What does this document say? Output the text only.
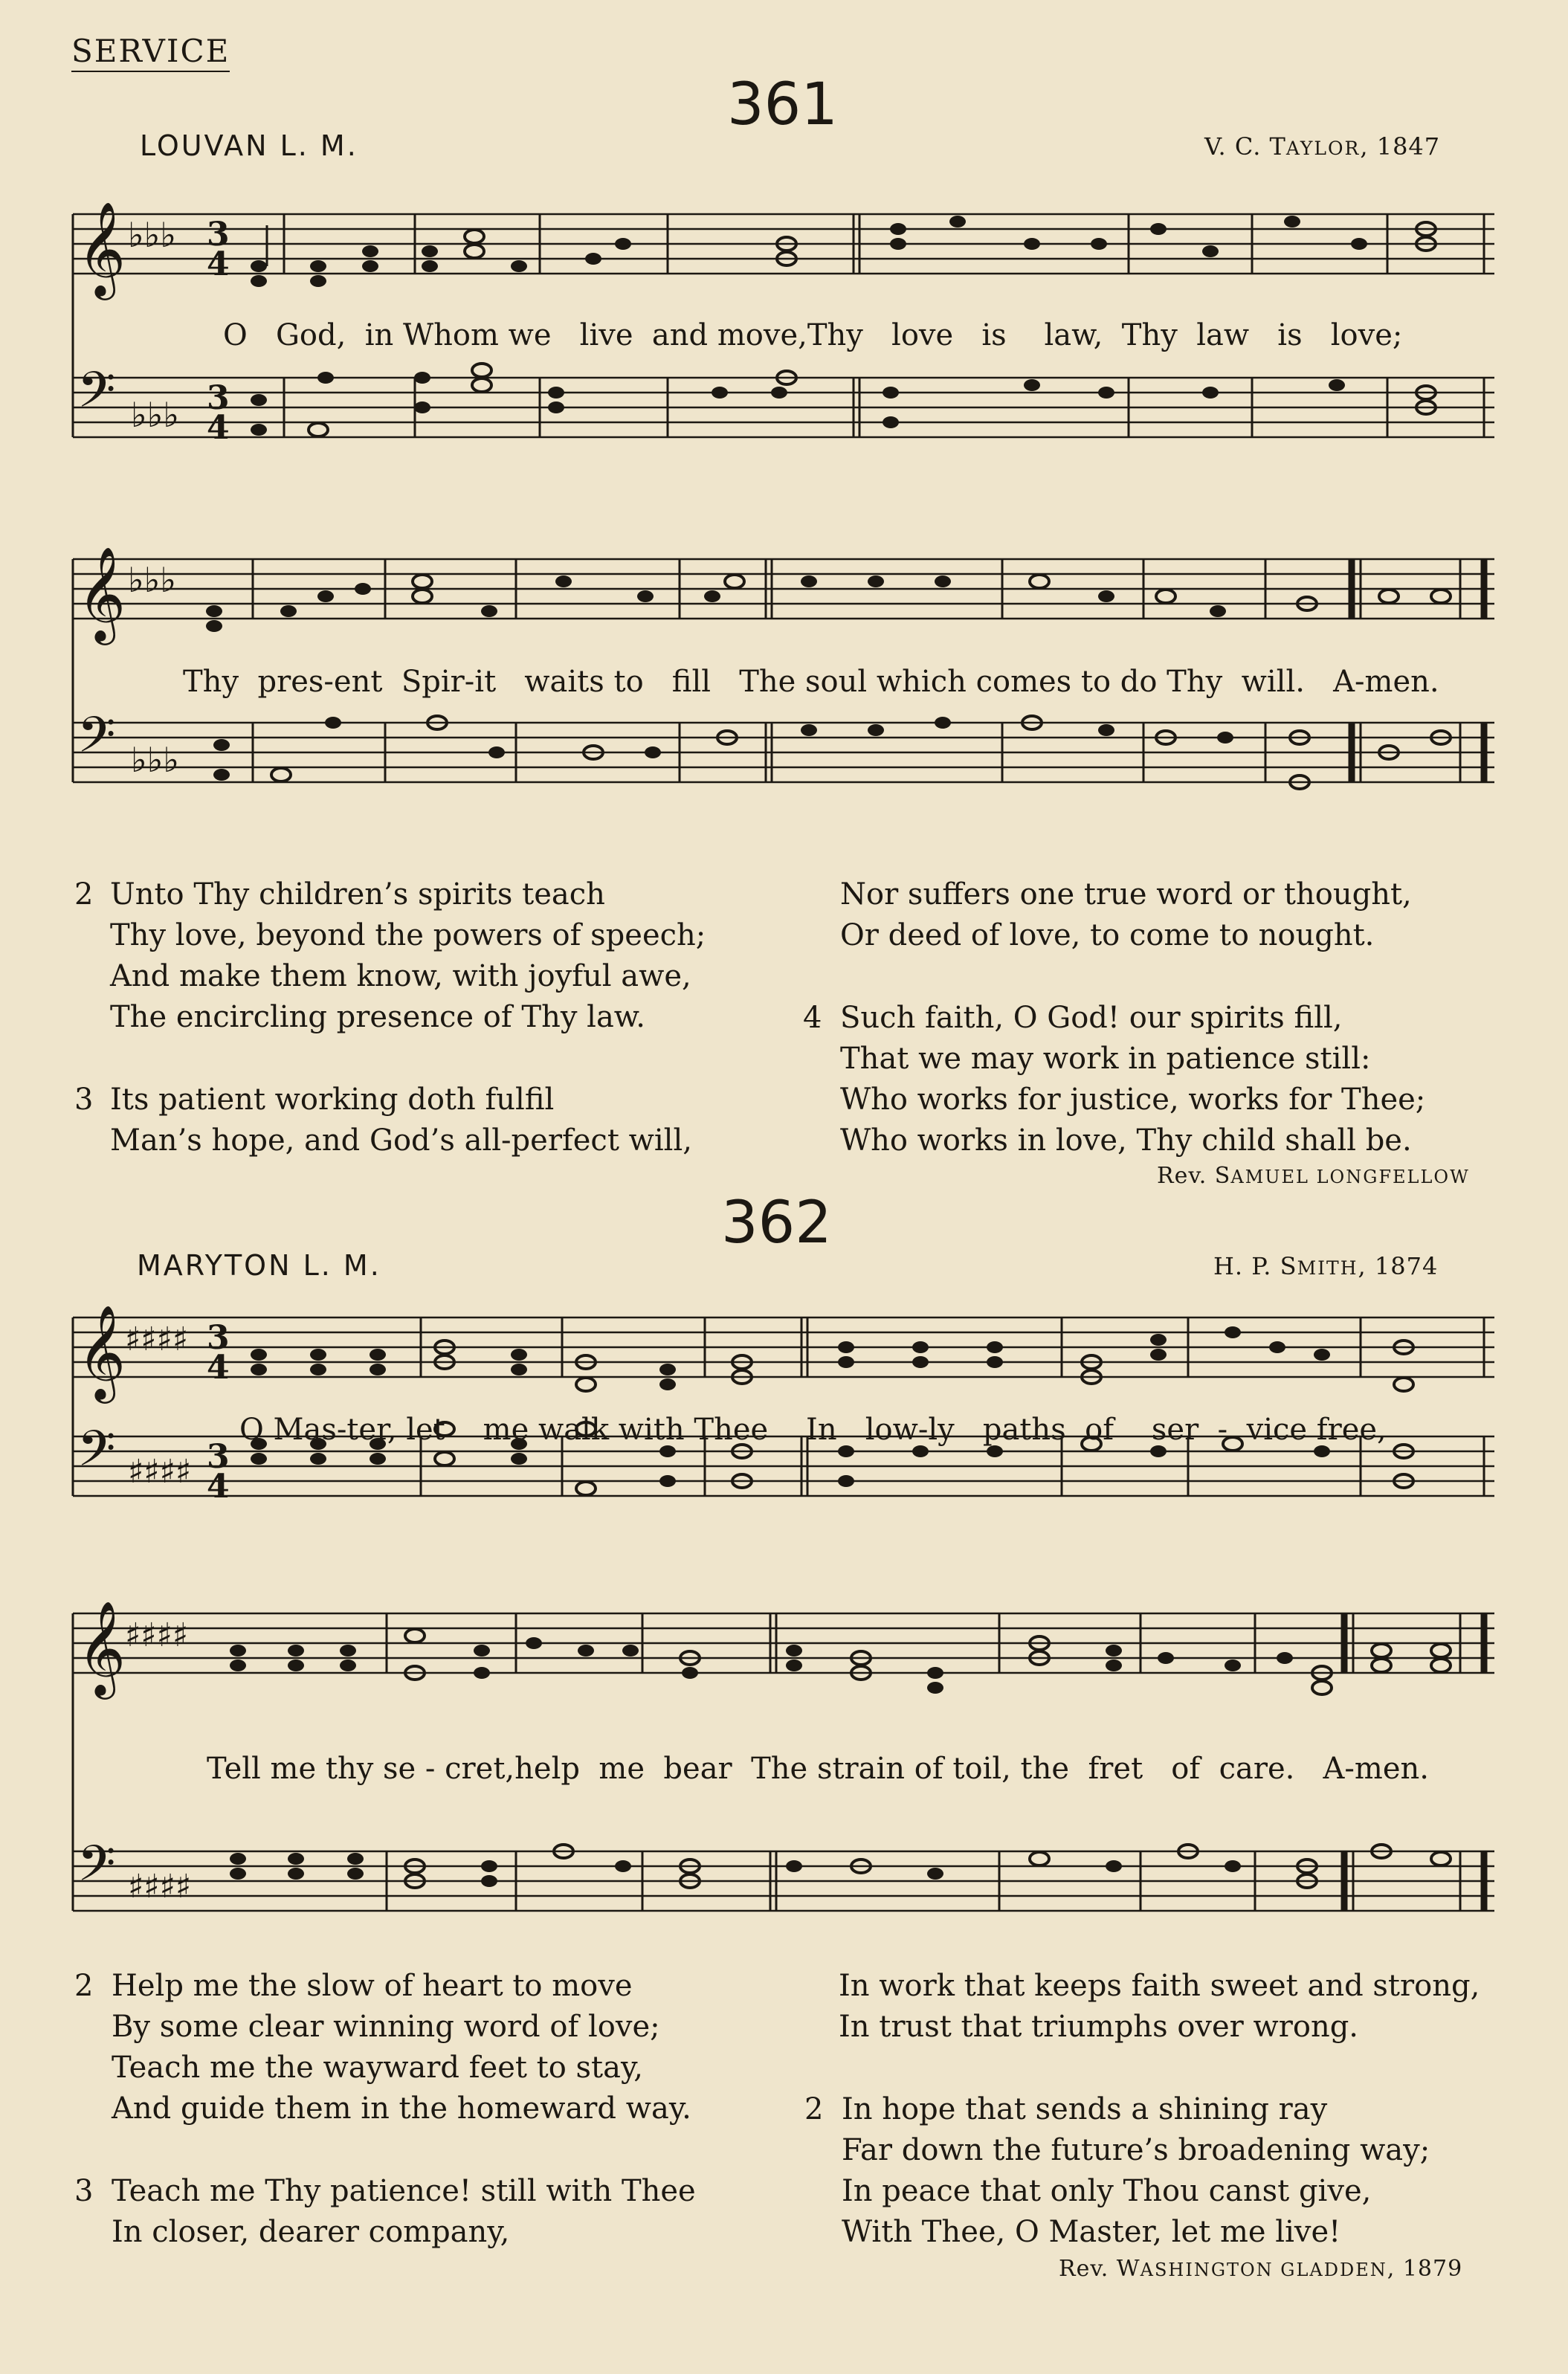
SERVICE
361
LOUVAN L. M.	V. C. TAYLOR, 1847
𝄞 ♭♭♭ 3
4
𝄢 ♭♭♭ 3
4
O   God,  in Whom we   live  and move,Thy   love   is    law,  Thy  law   is   love;
𝄞 ♭♭♭
𝄢 ♭♭♭
Thy  pres-ent  Spir-it   waits to   fill   The soul which comes to do Thy  will.   A-men.
2 Unto Thy children’s spirits teach
Thy love, beyond the powers of speech;
And make them know, with joyful awe,
The encircling presence of Thy law.
3 Its patient working doth fulfil
Man’s hope, and God’s all-perfect will,
Nor suffers one true word or thought,
Or deed of love, to come to nought.
4 Such faith, O God! our spirits fill,
That we may work in patience still:
Who works for justice, works for Thee;
Who works in love, Thy child shall be.
Rev. SAMUEL LONGFELLOW
362
MARYTON L. M.	H. P. SMITH, 1874
𝄞
♯♯♯♯ 3
4
𝄢 ♯♯♯♯ 3
4
O Mas-ter, let    me walk with Thee    In   low-ly   paths  of    ser  -  vice free,
𝄞
♯♯♯♯
𝄢 ♯♯♯♯
Tell me thy se - cret,help  me  bear  The strain of toil, the  fret   of  care.   A-men.
2 Help me the slow of heart to move
By some clear winning word of love;
Teach me the wayward feet to stay,
And guide them in the homeward way.
3 Teach me Thy patience! still with Thee
In closer, dearer company,
In work that keeps faith sweet and strong,
In trust that triumphs over wrong.
2 In hope that sends a shining ray
Far down the future’s broadening way;
In peace that only Thou canst give,
With Thee, O Master, let me live!
Rev. WASHINGTON GLADDEN, 1879
